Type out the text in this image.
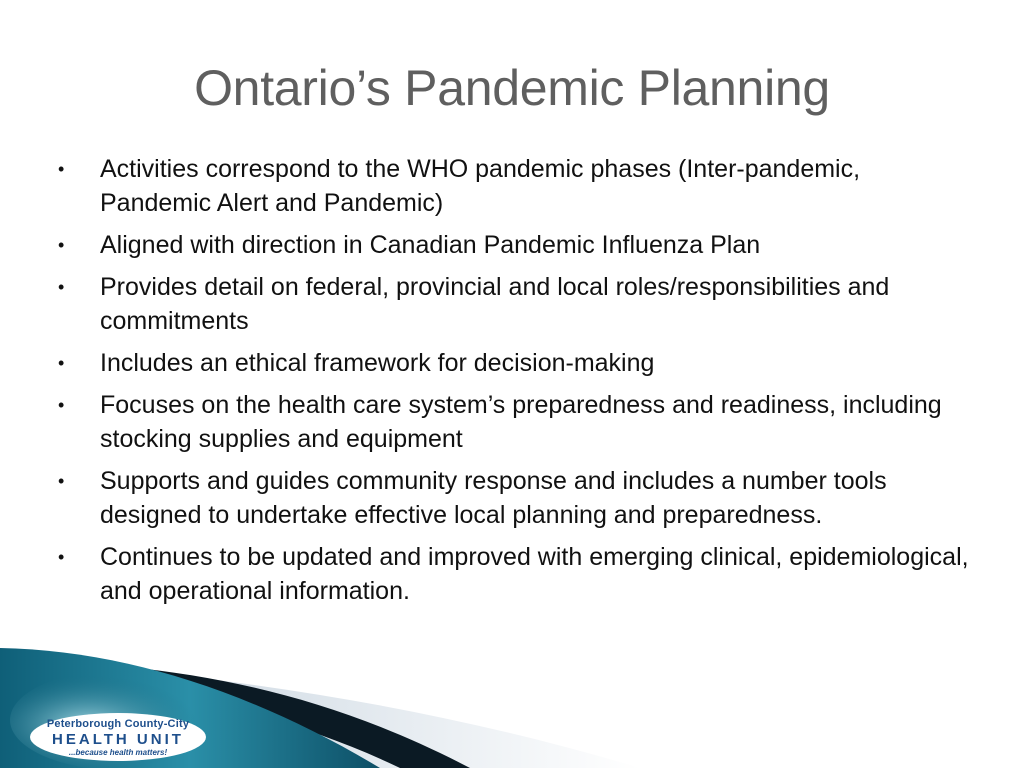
Ontario’s Pandemic Planning
• Activities correspond to the WHO pandemic phases (Inter-pandemic, Pandemic Alert and Pandemic)
• Aligned with direction in Canadian Pandemic Influenza Plan
• Provides detail on federal, provincial and local roles/responsibilities and commitments
• Includes an ethical framework for decision-making
• Focuses on the health care system’s preparedness and readiness, including stocking supplies and equipment
• Supports and guides community response and includes a number tools designed to undertake effective local planning and preparedness.
• Continues to be updated and improved with emerging clinical, epidemiological, and operational information.
Peterborough County-City
HEALTH UNIT
...because health matters!
